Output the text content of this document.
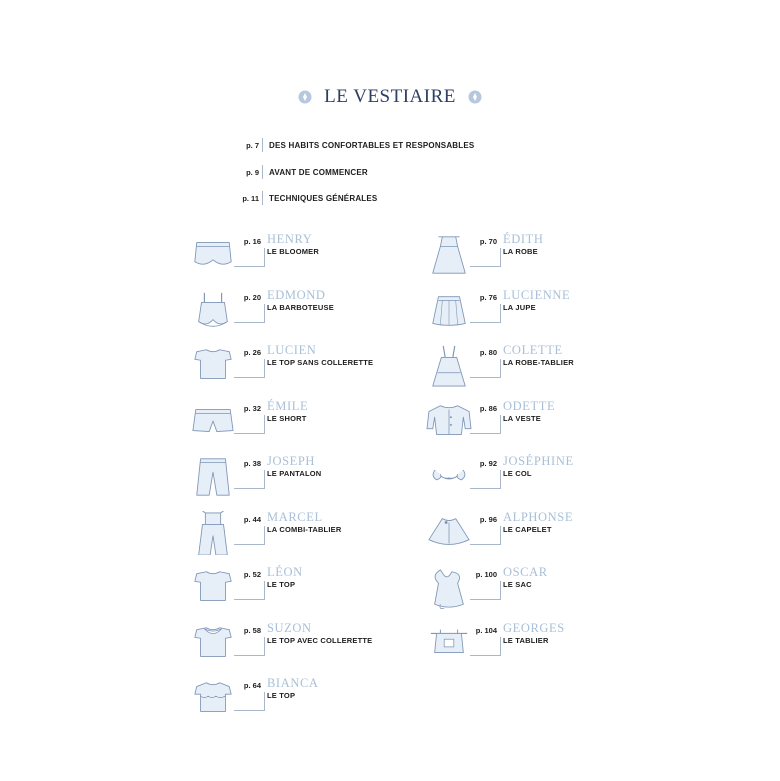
LE VESTIAIRE
p. 7 DES HABITS CONFORTABLES ET RESPONSABLES
p. 9 AVANT DE COMMENCER
p. 11 TECHNIQUES GÉNÉRALES
p. 16 HENRY
LE BLOOMER
p. 20 EDMOND
LA BARBOTEUSE
p. 26 LUCIEN
LE TOP SANS COLLERETTE
p. 32 ÉMILE
LE SHORT
p. 38 JOSEPH
LE PANTALON
p. 44 MARCEL
LA COMBI-TABLIER
p. 52 LÉON
LE TOP
p. 58 SUZON
LE TOP AVEC COLLERETTE
p. 64 BIANCA
LE TOP
p. 70 ÉDITH
LA ROBE
p. 76 LUCIENNE
LA JUPE
p. 80 COLETTE
LA ROBE-TABLIER
p. 86 ODETTE
LA VESTE
p. 92 JOSÉPHINE
LE COL
p. 96 ALPHONSE
LE CAPELET
p. 100 OSCAR
LE SAC
p. 104 GEORGES
LE TABLIER
